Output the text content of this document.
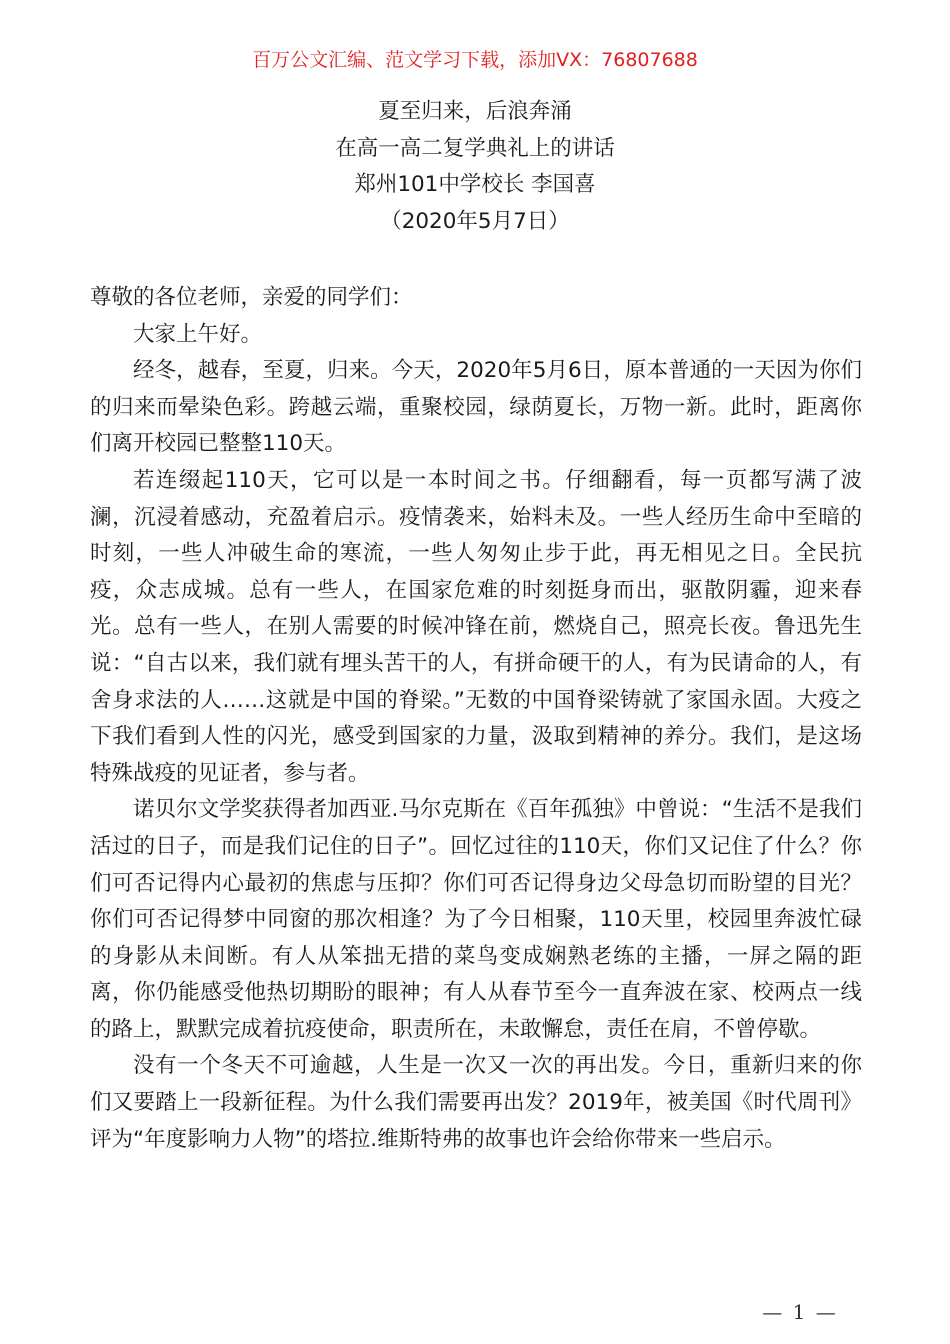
百万公文汇编、范文学习下载，添加VX：76807688
夏至归来，后浪奔涌
在高一高二复学典礼上的讲话
郑州101中学校长 李国喜
（2020年5月7日）

尊敬的各位老师，亲爱的同学们：

大家上午好。

经冬，越春，至夏，归来。今天，2020年5月6日，原本普通的一天因为你们的归来而晕染色彩。跨越云端，重聚校园，绿荫夏长，万物一新。此时，距离你们离开校园已整整110天。

若连缀起110天，它可以是一本时间之书。仔细翻看，每一页都写满了波澜，沉浸着感动，充盈着启示。疫情袭来，始料未及。一些人经历生命中至暗的时刻，一些人冲破生命的寒流，一些人匆匆止步于此，再无相见之日。全民抗疫，众志成城。总有一些人，在国家危难的时刻挺身而出，驱散阴霾，迎来春光。总有一些人，在别人需要的时候冲锋在前，燃烧自己，照亮长夜。鲁迅先生说：“自古以来，我们就有埋头苦干的人，有拼命硬干的人，有为民请命的人，有舍身求法的人……这就是中国的脊梁。”无数的中国脊梁铸就了家国永固。大疫之下我们看到人性的闪光，感受到国家的力量，汲取到精神的养分。我们，是这场特殊战疫的见证者，参与者。

诺贝尔文学奖获得者加西亚.马尔克斯在《百年孤独》中曾说：“生活不是我们活过的日子，而是我们记住的日子”。回忆过往的110天，你们又记住了什么？你们可否记得内心最初的焦虑与压抑？你们可否记得身边父母急切而盼望的目光？你们可否记得梦中同窗的那次相逢？为了今日相聚，110天里，校园里奔波忙碌的身影从未间断。有人从笨拙无措的菜鸟变成娴熟老练的主播，一屏之隔的距离，你仍能感受他热切期盼的眼神；有人从春节至今一直奔波在家、校两点一线的路上，默默完成着抗疫使命，职责所在，未敢懈怠，责任在肩，不曾停歇。

没有一个冬天不可逾越，人生是一次又一次的再出发。今日，重新归来的你们又要踏上一段新征程。为什么我们需要再出发？2019年，被美国《时代周刊》评为“年度影响力人物”的塔拉.维斯特弗的故事也许会给你带来一些启示。

— 1 —
